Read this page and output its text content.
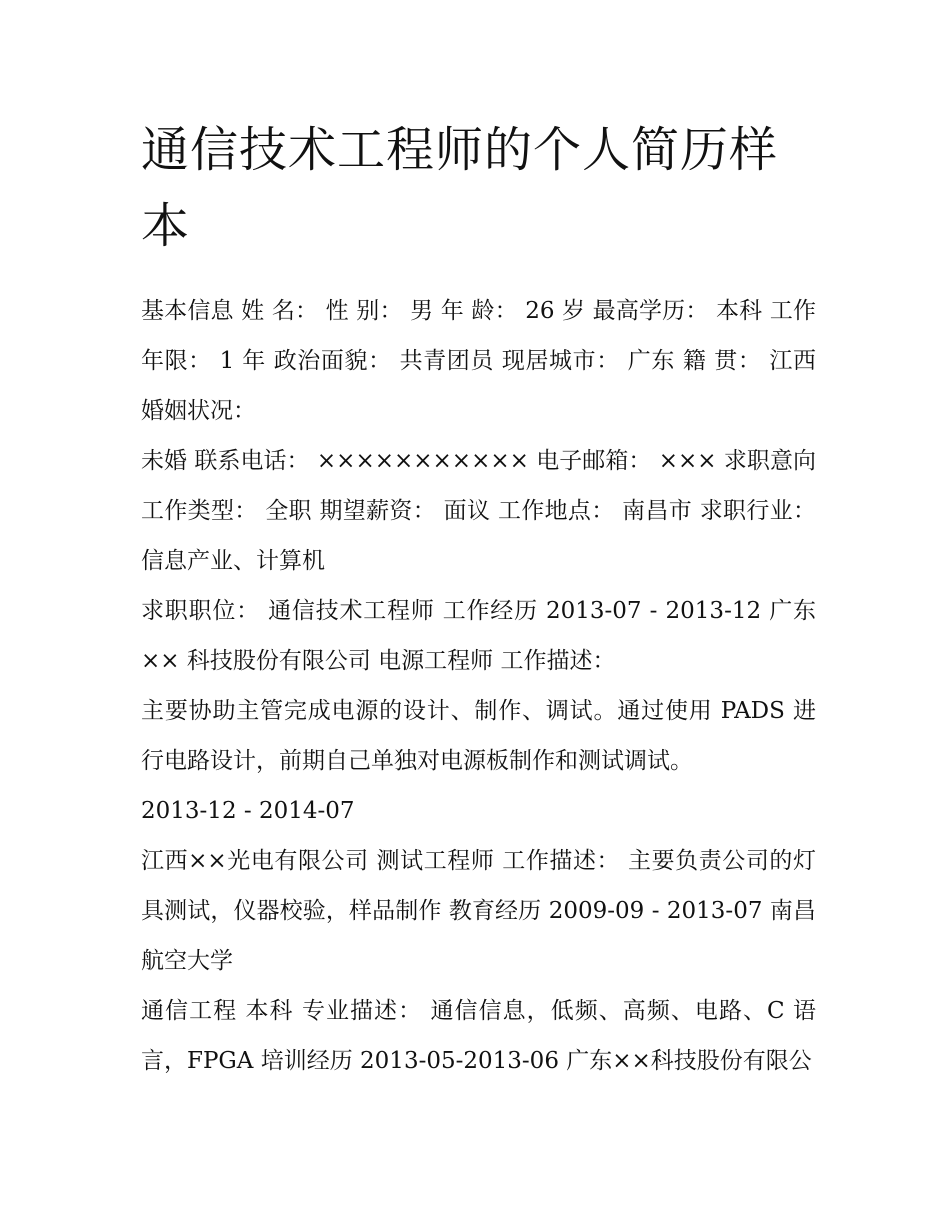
通信技术工程师的个人简历样本

基本信息 姓 名： 性 别： 男 年 龄： 26 岁 最高学历： 本科 工作年限： 1 年 政治面貌： 共青团员 现居城市： 广东 籍 贯： 江西 婚姻状况：

未婚 联系电话： ××××××××××× 电子邮箱： ××× 求职意向 工作类型： 全职 期望薪资： 面议 工作地点： 南昌市 求职行业： 信息产业、计算机

求职职位： 通信技术工程师 工作经历 2013-07 - 2013-12 广东×× 科技股份有限公司 电源工程师 工作描述：

主要协助主管完成电源的设计、制作、调试。通过使用 PADS 进行电路设计，前期自己单独对电源板制作和测试调试。

2013-12 - 2014-07

江西××光电有限公司 测试工程师 工作描述： 主要负责公司的灯具测试，仪器校验，样品制作 教育经历 2009-09 - 2013-07 南昌航空大学

通信工程 本科 专业描述： 通信信息，低频、高频、电路、C 语言，FPGA 培训经历 2013-05-2013-06 广东××科技股份有限公
